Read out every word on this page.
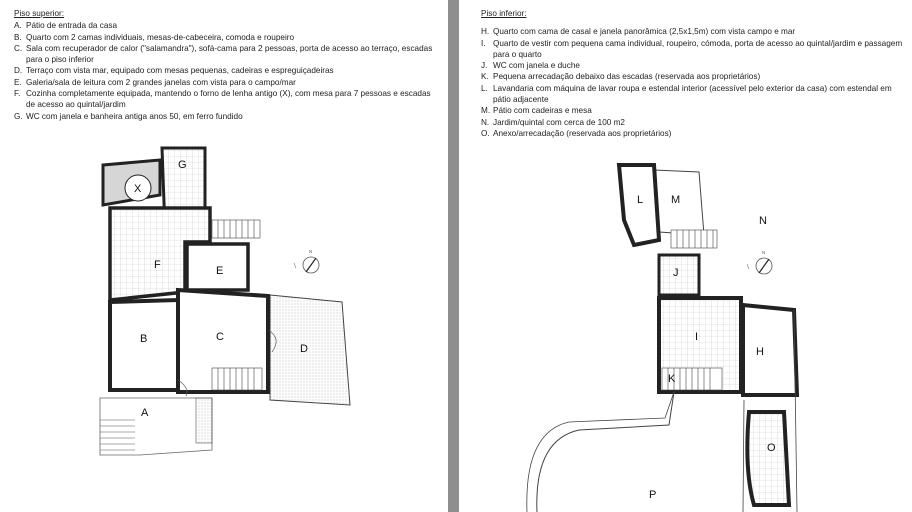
Piso superior:
A. Pátio de entrada da casa
B. Quarto com 2 camas individuais, mesas-de-cabeceira, comoda e roupeiro
C. Sala com recuperador de calor ("salamandra"), sofá-cama para 2 pessoas, porta de acesso ao terraço, escadas para o piso inferior
D. Terraço com vista mar, equipado com mesas pequenas, cadeiras e espreguiçadeiras
E. Galeria/sala de leitura com 2 grandes janelas com vista para o campo/mar
F. Cozinha completamente equipada, mantendo o forno de lenha antigo (X), com mesa para 7 pessoas e escadas de acesso ao quintal/jardim
G. WC com janela e banheira antiga anos 50, em ferro fundido
X
G
F	E
B	C
D
A
N
Piso inferior:
H. Quarto com cama de casal e janela panorâmica (2,5x1,5m) com vista campo e mar
I. Quarto de vestir com pequena cama individual, roupeiro, cómoda, porta de acesso ao quintal/jardim e passagem para o quarto
J. WC com janela e duche
K. Pequena arrecadação debaixo das escadas (reservada aos proprietários)
L. Lavandaria com máquina de lavar roupa e estendal interior (acessível pelo exterior da casa) com estendal em pátio adjacente
M. Pátio com cadeiras e mesa
N. Jardim/quintal com cerca de 100 m2
O. Anexo/arrecadação (reservada aos proprietários)
L	M
N
J
I
H
K
O
P
N
